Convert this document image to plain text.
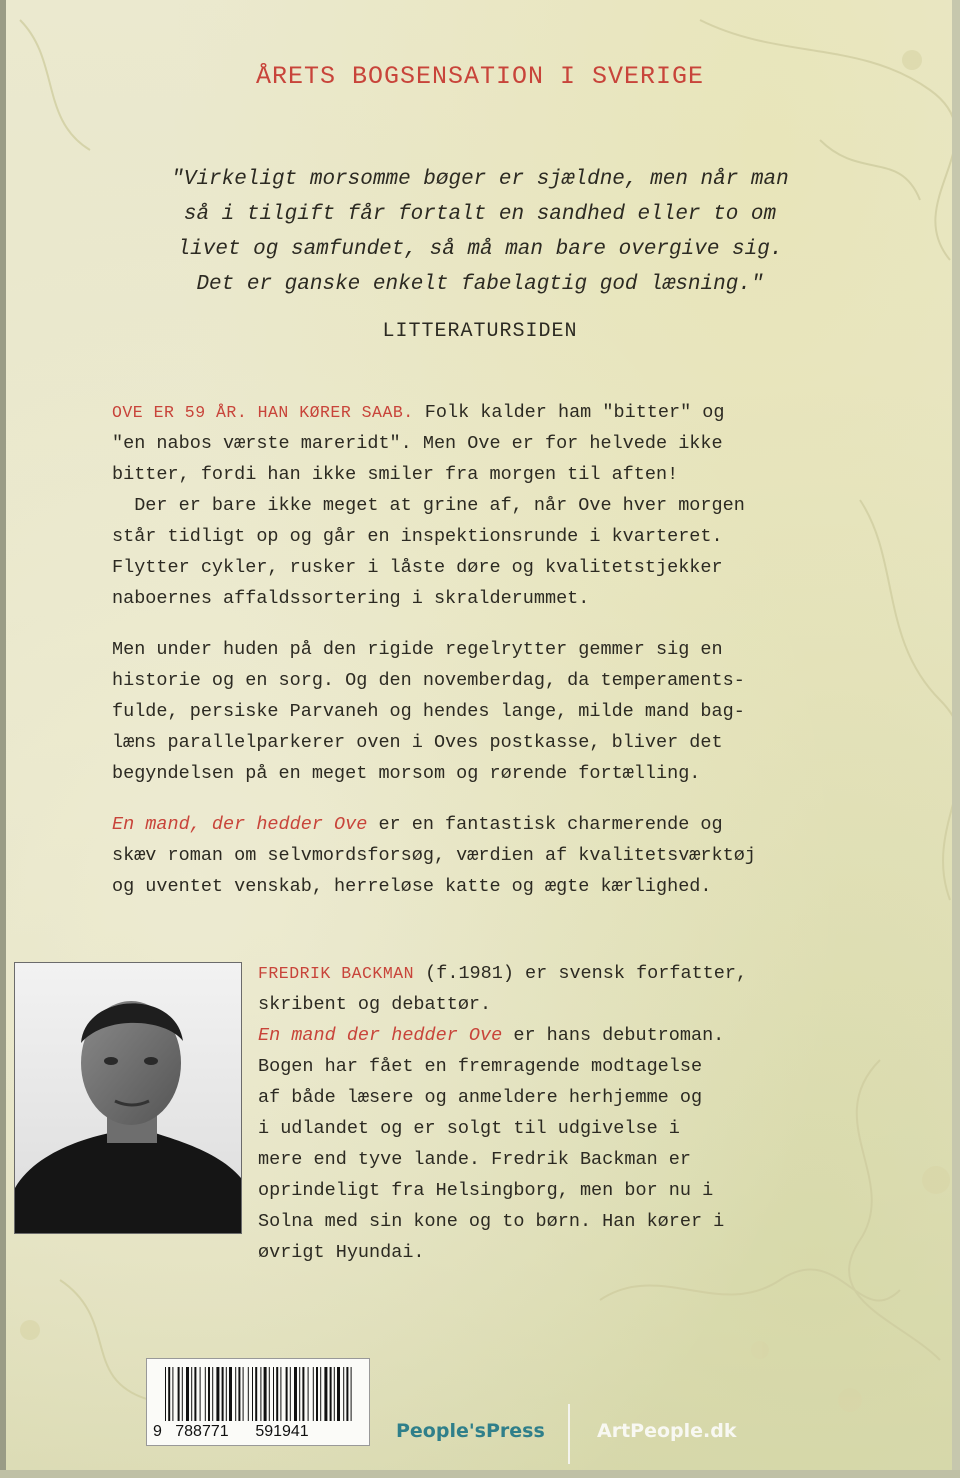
ÅRETS BOGSENSATION I SVERIGE
"Virkeligt morsomme bøger er sjældne, men når man
så i tilgift får fortalt en sandhed eller to om
livet og samfundet, så må man bare overgive sig.
Det er ganske enkelt fabelagtig god læsning."
LITTERATURSIDEN
OVE ER 59 ÅR. HAN KØRER SAAB. Folk kalder ham "bitter" og
"en nabos værste mareridt". Men Ove er for helvede ikke
bitter, fordi han ikke smiler fra morgen til aften!
Der er bare ikke meget at grine af, når Ove hver morgen
står tidligt op og går en inspektionsrunde i kvarteret.
Flytter cykler, rusker i låste døre og kvalitetstjekker
naboernes affaldssortering i skralderummet.
Men under huden på den rigide regelrytter gemmer sig en
historie og en sorg. Og den novemberdag, da temperaments-
fulde, persiske Parvaneh og hendes lange, milde mand bag-
læns parallelparkerer oven i Oves postkasse, bliver det
begyndelsen på en meget morsom og rørende fortælling.
En mand, der hedder Ove er en fantastisk charmerende og
skæv roman om selvmordsforsøg, værdien af kvalitetsværktøj
og uventet venskab, herreløse katte og ægte kærlighed.
FREDRIK BACKMAN (f.1981) er svensk forfatter,
skribent og debattør.
En mand der hedder Ove er hans debutroman.
Bogen har fået en fremragende modtagelse
af både læsere og anmeldere herhjemme og
i udlandet og er solgt til udgivelse i
mere end tyve lande. Fredrik Backman er
oprindeligt fra Helsingborg, men bor nu i
Solna med sin kone og to børn. Han kører i
øvrigt Hyundai.
9 788771 591941	People'sPress	ArtPeople.dk
